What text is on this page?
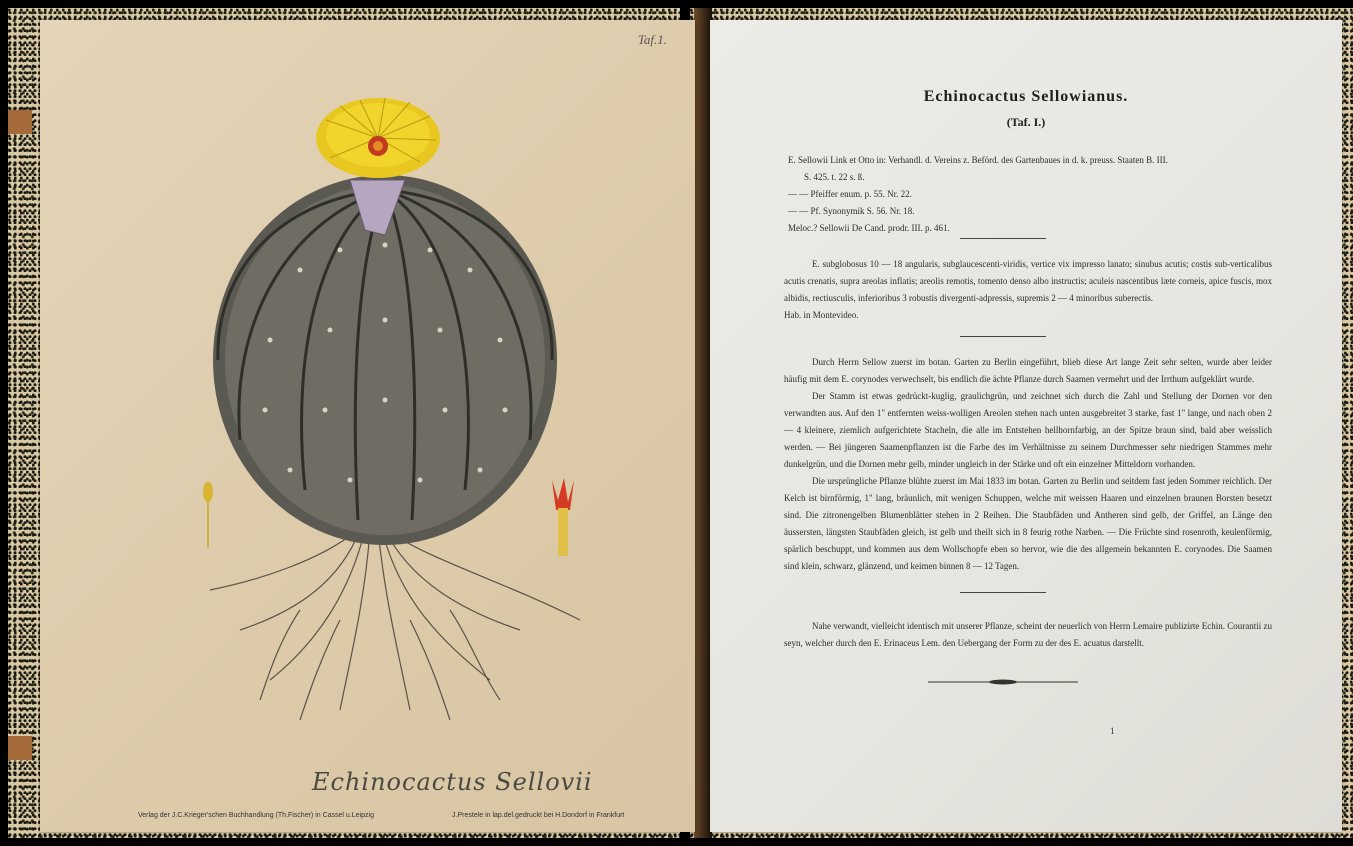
Taf.1.
Echinocactus Sellovii
Verlag der J.C.Krieger'schen Buchhandlung (Th.Fischer) in Cassel u.Leipzig	J.Prestele in lap.del.gedruckt bei H.Dondorf in Frankfurt
Echinocactus Sellowianus.
(Taf. I.)
E. Sellowii Link et Otto in: Verhandl. d. Vereins z. Beförd. des Gartenbaues in d. k. preuss. Staaten B. III.
S. 425. t. 22 s. ß.
— — Pfeiffer enum. p. 55. Nr. 22.
— — Pf. Synonymik S. 56. Nr. 18.
Meloc.? Sellowii De Cand. prodr. III. p. 461.
E. subglobosus 10 — 18 angularis, subglaucescenti-viridis, vertice vix impresso lanato; sinubus acutis; costis sub-verticalibus acutis crenatis, supra areolas inflatis; areolis remotis, tomento denso albo instructis; aculeis nascentibus læte corneis, apice fuscis, mox albidis, rectiusculis, inferioribus 3 robustis divergenti-adpressis, supremis 2 — 4 minoribus suberectis.
Hab. in Montevideo.
Durch Herrn Sellow zuerst im botan. Garten zu Berlin eingeführt, blieb diese Art lange Zeit sehr selten, wurde aber leider häufig mit dem E. corynodes verwechselt, bis endlich die ächte Pflanze durch Saamen vermehrt und der Irrthum aufgeklärt wurde.
Der Stamm ist etwas gedrückt-kuglig, graulichgrün, und zeichnet sich durch die Zahl und Stellung der Dornen vor den verwandten aus. Auf den 1" entfernten weiss-wolligen Areolen stehen nach unten ausgebreitet 3 starke, fast 1" lange, und nach oben 2 — 4 kleinere, ziemlich aufgerichtete Stacheln, die alle im Entstehen hellhornfarbig, an der Spitze braun sind, bald aber weisslich werden. — Bei jüngeren Saamenpflanzen ist die Farbe des im Verhältnisse zu seinem Durchmesser sehr niedrigen Stammes mehr dunkelgrün, und die Dornen mehr gelb, minder ungleich in der Stärke und oft ein einzelner Mitteldorn vorhanden.
Die ursprüngliche Pflanze blühte zuerst im Mai 1833 im botan. Garten zu Berlin und seitdem fast jeden Sommer reichlich. Der Kelch ist birnförmig, 1" lang, bräunlich, mit wenigen Schuppen, welche mit weissen Haaren und einzelnen braunen Borsten besetzt sind. Die zitronengelben Blumenblätter stehen in 2 Reihen. Die Staubfäden und Antheren sind gelb, der Griffel, an Länge den äussersten, längsten Staubfäden gleich, ist gelb und theilt sich in 8 feurig rothe Narben. — Die Früchte sind rosenroth, keulenförmig, spärlich beschuppt, und kommen aus dem Wollschopfe eben so hervor, wie die des allgemein bekannten E. corynodes. Die Saamen sind klein, schwarz, glänzend, und keimen binnen 8 — 12 Tagen.
Nahe verwandt, vielleicht identisch mit unserer Pflanze, scheint der neuerlich von Herrn Lemaire publizirte Echin. Courantii zu seyn, welcher durch den E. Erinaceus Lem. den Uebergang der Form zu der des E. acuatus darstellt.
1
